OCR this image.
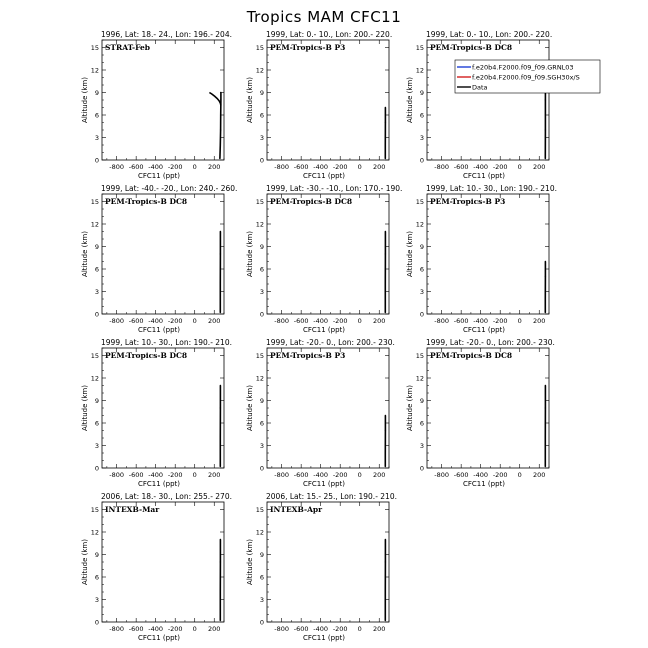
Tropics MAM CFC11
1996, Lat: 18.- 24., Lon: 196.- 204.
STRAT-Feb
-800 -600 -400 -200 0 200
0
3
6
9
12
15
CFC11 (ppt)
Altitude (km)
1999, Lat: 0.- 10., Lon: 200.- 220.
PEM-Tropics-B P3
-800 -600 -400 -200 0 200
0
3
6
9
12
15
CFC11 (ppt)
Altitude (km)
1999, Lat: 0.- 10., Lon: 200.- 220.
PEM-Tropics-B DC8
-800 -600 -400 -200 0 200
0
3
6
9
12
15
CFC11 (ppt)
Altitude (km)
f.e20b4.F2000.f09_f09.GRNL03
f.e20b4.F2000.f09_f09.SGH30x/S
Data
1999, Lat: -40.- -20., Lon: 240.- 260.
PEM-Tropics-B DC8
-800 -600 -400 -200 0 200
0
3
6
9
12
15
CFC11 (ppt)
Altitude (km)
1999, Lat: -30.- -10., Lon: 170.- 190.
PEM-Tropics-B DC8
-800 -600 -400 -200 0 200
0
3
6
9
12
15
CFC11 (ppt)
Altitude (km)
1999, Lat: 10.- 30., Lon: 190.- 210.
PEM-Tropics-B P3
-800 -600 -400 -200 0 200
0
3
6
9
12
15
CFC11 (ppt)
Altitude (km)
1999, Lat: 10.- 30., Lon: 190.- 210.
PEM-Tropics-B DC8
-800 -600 -400 -200 0 200
0
3
6
9
12
15
CFC11 (ppt)
Altitude (km)
1999, Lat: -20.- 0., Lon: 200.- 230.
PEM-Tropics-B P3
-800 -600 -400 -200 0 200
0
3
6
9
12
15
CFC11 (ppt)
Altitude (km)
1999, Lat: -20.- 0., Lon: 200.- 230.
PEM-Tropics-B DC8
-800 -600 -400 -200 0 200
0
3
6
9
12
15
CFC11 (ppt)
Altitude (km)
2006, Lat: 18.- 30., Lon: 255.- 270.
INTEXB-Mar
-800 -600 -400 -200 0 200
0
3
6
9
12
15
CFC11 (ppt)
Altitude (km)
2006, Lat: 15.- 25., Lon: 190.- 210.
INTEXB-Apr
-800 -600 -400 -200 0 200
0
3
6
9
12
15
CFC11 (ppt)
Altitude (km)
